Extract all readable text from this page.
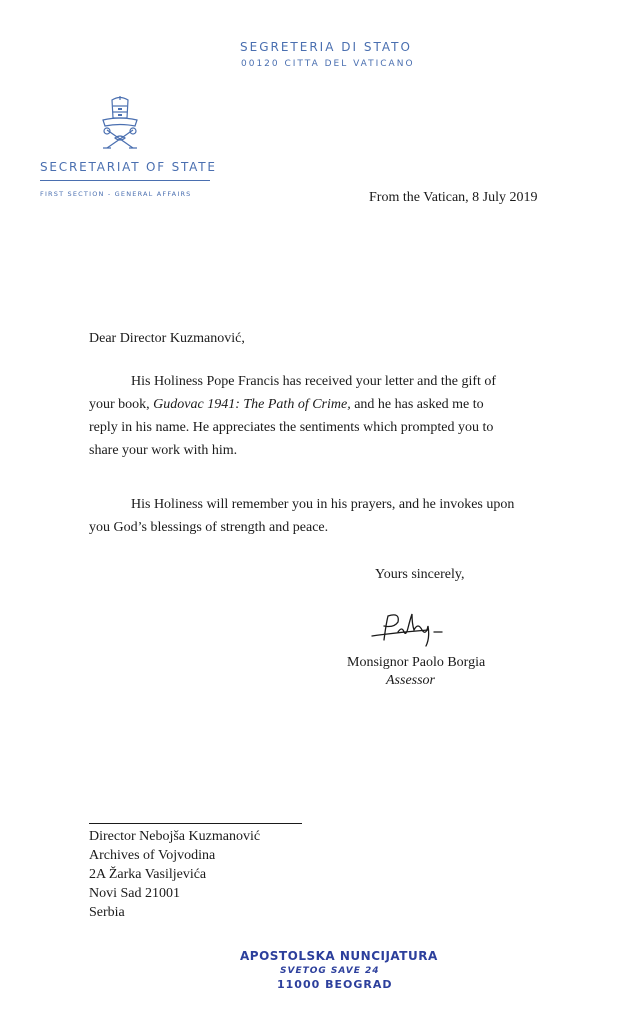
SEGRETERIA DI STATO
00120 CITTA DEL VATICANO
SECRETARIAT OF STATE
FIRST SECTION - GENERAL AFFAIRS	From the Vatican, 8 July 2019
Dear Director Kuzmanović,
His Holiness Pope Francis has received your letter and the gift of
your book, Gudovac 1941: The Path of Crime, and he has asked me to
reply in his name. He appreciates the sentiments which prompted you to
share your work with him.
His Holiness will remember you in his prayers, and he invokes upon
you God’s blessings of strength and peace.
Yours sincerely,
Monsignor Paolo Borgia
Assessor
Director Nebojša Kuzmanović
Archives of Vojvodina
2A Žarka Vasiljevića
Novi Sad 21001
Serbia
APOSTOLSKA NUNCIJATURA
SVETOG SAVE 24
11000 BEOGRAD
